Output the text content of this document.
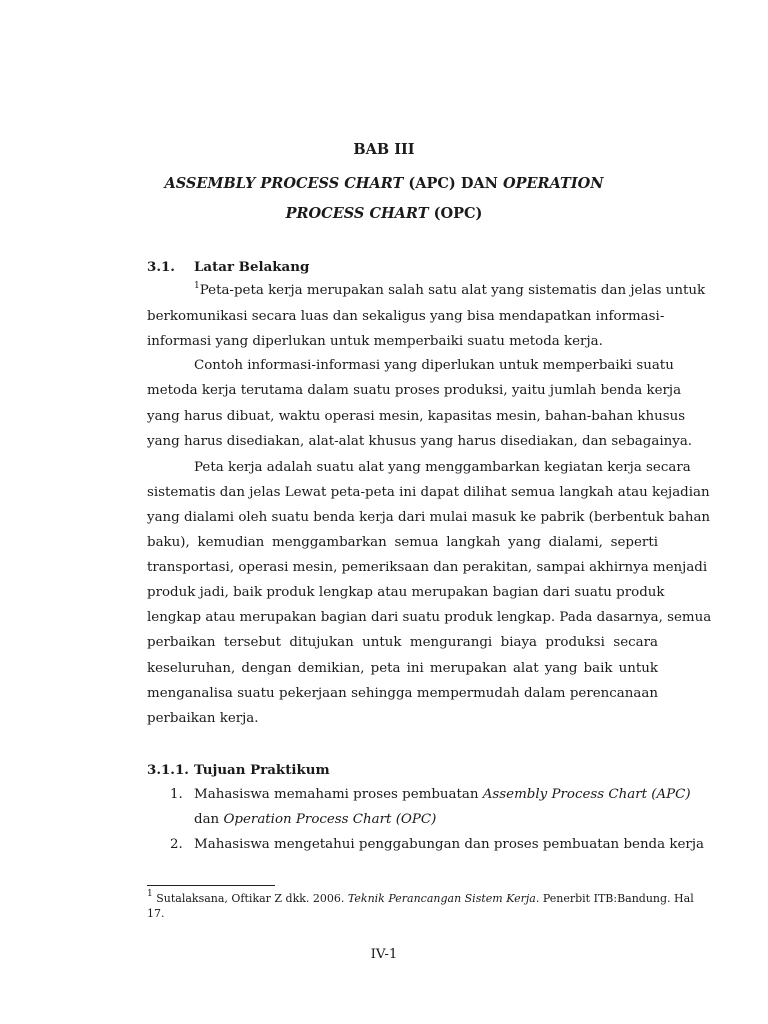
BAB III
ASSEMBLY PROCESS CHART (APC) DAN OPERATION
PROCESS CHART (OPC)
3.1. Latar Belakang
$^1$Peta-peta kerja merupakan salah satu alat yang sistematis dan jelas untuk
berkomunikasi secara luas dan sekaligus yang bisa mendapatkan informasi-
informasi yang diperlukan untuk memperbaiki suatu metoda kerja.
Contoh informasi-informasi yang diperlukan untuk memperbaiki suatu
metoda kerja terutama dalam suatu proses produksi, yaitu jumlah benda kerja
yang harus dibuat, waktu operasi mesin, kapasitas mesin, bahan-bahan khusus
yang harus disediakan, alat-alat khusus yang harus disediakan, dan sebagainya.
Peta kerja adalah suatu alat yang menggambarkan kegiatan kerja secara
sistematis dan jelas Lewat peta-peta ini dapat dilihat semua langkah atau kejadian
yang dialami oleh suatu benda kerja dari mulai masuk ke pabrik (berbentuk bahan
baku), kemudian menggambarkan semua langkah yang dialami, seperti
transportasi, operasi mesin, pemeriksaan dan perakitan, sampai akhirnya menjadi
produk jadi, baik produk lengkap atau merupakan bagian dari suatu produk
lengkap atau merupakan bagian dari suatu produk lengkap. Pada dasarnya, semua
perbaikan tersebut ditujukan untuk mengurangi biaya produksi secara
keseluruhan, dengan demikian, peta ini merupakan alat yang baik untuk
menganalisa suatu pekerjaan sehingga mempermudah dalam perencanaan
perbaikan kerja.
3.1.1. Tujuan Praktikum
1. Mahasiswa memahami proses pembuatan Assembly Process Chart (APC)
dan Operation Process Chart (OPC)
2. Mahasiswa mengetahui penggabungan dan proses pembuatan benda kerja
$^1$ Sutalaksana, Oftikar Z dkk. 2006. Teknik Perancangan Sistem Kerja. Penerbit ITB:Bandung. Hal
17.
IV-1
